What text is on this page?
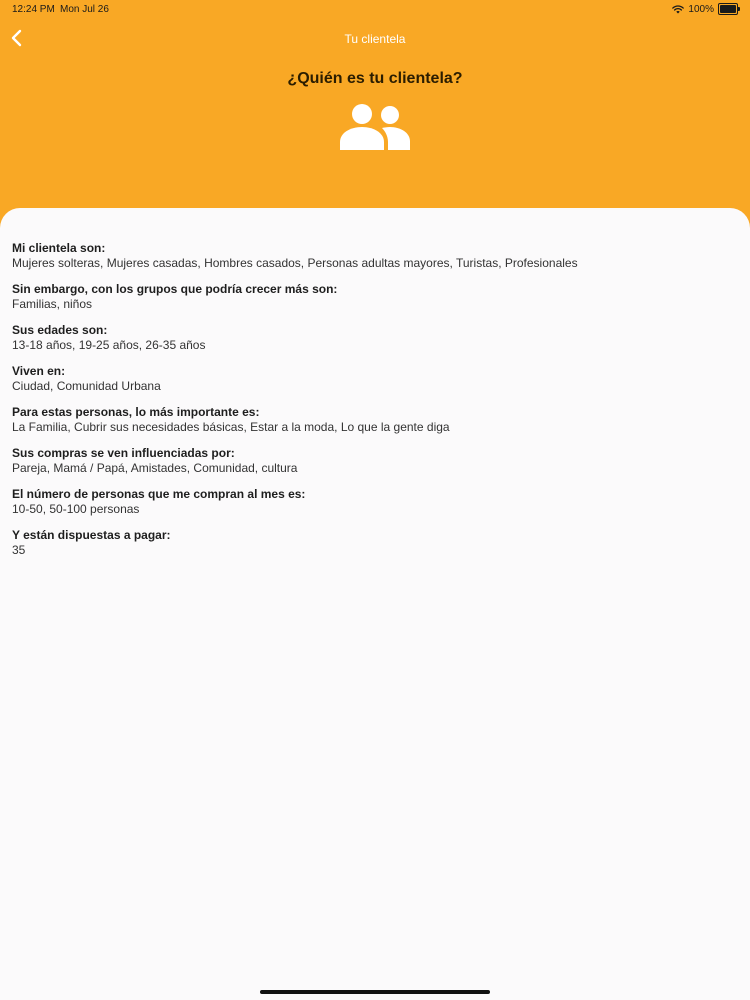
12:24 PM Mon Jul 26	100%
Tu clientela
¿Quién es tu clientela?
Mi clientela son:
Mujeres solteras, Mujeres casadas, Hombres casados, Personas adultas mayores, Turistas, Profesionales
Sin embargo, con los grupos que podría crecer más son:
Familias, niños
Sus edades son:
13-18 años, 19-25 años, 26-35 años
Viven en:
Ciudad, Comunidad Urbana
Para estas personas, lo más importante es:
La Familia, Cubrir sus necesidades básicas, Estar a la moda, Lo que la gente diga
Sus compras se ven influenciadas por:
Pareja, Mamá / Papá, Amistades, Comunidad, cultura
El número de personas que me compran al mes es:
10-50, 50-100 personas
Y están dispuestas a pagar:
35
